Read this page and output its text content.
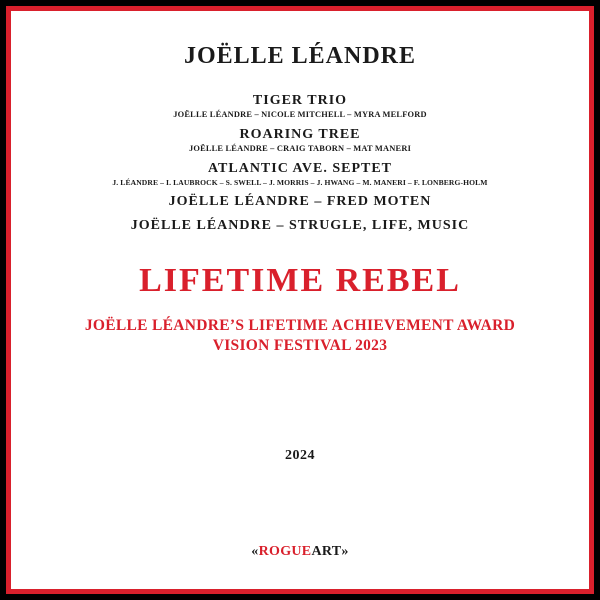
JOËLLE LÉANDRE
TIGER TRIO
JOËLLE LÉANDRE – NICOLE MITCHELL – MYRA MELFORD
ROARING TREE
JOËLLE LÉANDRE – CRAIG TABORN – MAT MANERI
ATLANTIC AVE. SEPTET
J. LÉANDRE – I. LAUBROCK – S. SWELL – J. MORRIS – J. HWANG – M. MANERI – F. LONBERG-HOLM
JOËLLE LÉANDRE – FRED MOTEN
JOËLLE LÉANDRE – STRUGLE, LIFE, MUSIC
LIFETIME REBEL
JOËLLE LÉANDRE’S LIFETIME ACHIEVEMENT AWARD
VISION FESTIVAL 2023
2024
«ROGUEART»
